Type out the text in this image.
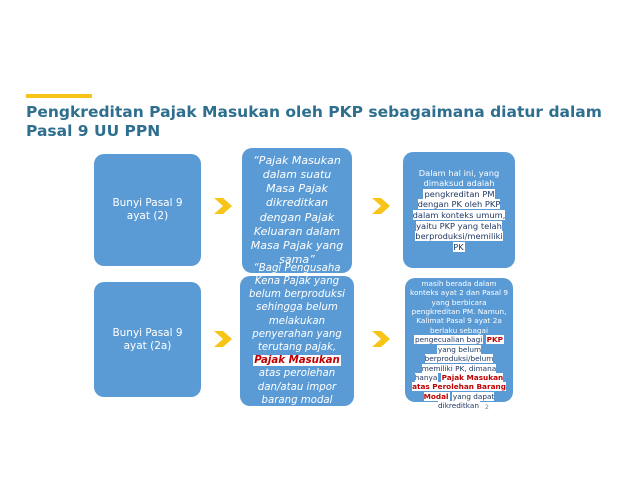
Pengkreditan Pajak Masukan oleh PKP sebagaimana diatur dalam Pasal 9 UU PPN
Bunyi Pasal 9 ayat (2)
“Pajak Masukan dalam suatu Masa Pajak dikreditkan dengan Pajak Keluaran dalam Masa Pajak yang sama”
Dalam hal ini, yang dimaksud adalah pengkreditan PM dengan PK oleh PKP dalam konteks umum, yaitu PKP yang telah berproduksi/memiliki PK
Bunyi Pasal 9 ayat (2a)
“Bagi Pengusaha Kena Pajak yang belum berproduksi sehingga belum melakukan penyerahan yang terutang pajak, Pajak Masukan atas perolehan dan/atau impor barang modal dapat dikreditkan.”
Kalimat Pasal 9 ayat 2a masih berada dalam konteks ayat 2 dan Pasal 9 yang berbicara pengkreditan PM. Namun, Kalimat Pasal 9 ayat 2a berlaku sebagai pengecualian bagi PKP yang belum berproduksi/belum memiliki PK, dimana hanya Pajak Masukan atas Perolehan Barang Modal yang dapat dikreditkan	2
